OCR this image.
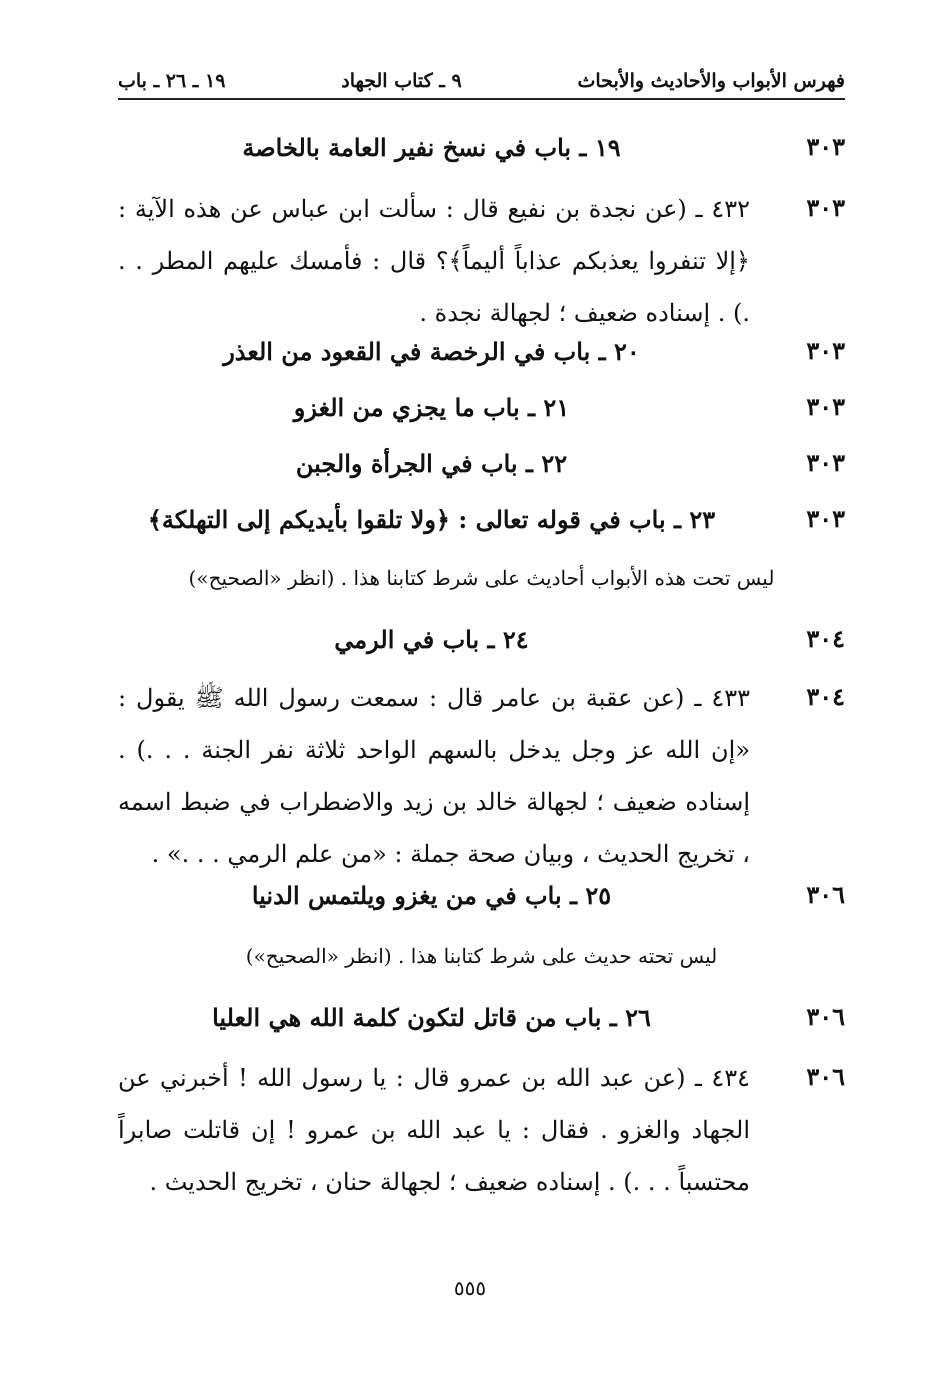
فهرس الأبواب والأحاديث والأبحاث
٩ ـ كتاب الجهاد
١٩ ـ ٢٦ ـ باب
٣٠٣
١٩ ـ باب في نسخ نفير العامة بالخاصة
٣٠٣
٤٣٢ ـ (عن نجدة بن نفيع قال : سألت ابن عباس عن هذه الآية : ﴿إلا تنفروا يعذبكم عذاباً أليماً﴾؟ قال : فأمسك عليهم المطر . . .) . إسناده ضعيف ؛ لجهالة نجدة .
٣٠٣
٢٠ ـ باب في الرخصة في القعود من العذر
٣٠٣
٢١ ـ باب ما يجزي من الغزو
٣٠٣
٢٢ ـ باب في الجرأة والجبن
٣٠٣
٢٣ ـ باب في قوله تعالى : ﴿ولا تلقوا بأيديكم إلى التهلكة﴾
ليس تحت هذه الأبواب أحاديث على شرط كتابنا هذا . (انظر «الصحيح»)
٣٠٤
٢٤ ـ باب في الرمي
٣٠٤
٤٣٣ ـ (عن عقبة بن عامر قال : سمعت رسول الله ﷺ يقول : «إن الله عز وجل يدخل بالسهم الواحد ثلاثة نفر الجنة . . .) . إسناده ضعيف ؛ لجهالة خالد بن زيد والاضطراب في ضبط اسمه ، تخريج الحديث ، وبيان صحة جملة : «من علم الرمي . . .» .
٣٠٦
٢٥ ـ باب في من يغزو ويلتمس الدنيا
ليس تحته حديث على شرط كتابنا هذا . (انظر «الصحيح»)
٣٠٦
٢٦ ـ باب من قاتل لتكون كلمة الله هي العليا
٣٠٦
٤٣٤ ـ (عن عبد الله بن عمرو قال : يا رسول الله ! أخبرني عن الجهاد والغزو . فقال : يا عبد الله بن عمرو ! إن قاتلت صابراً محتسباً . . .) . إسناده ضعيف ؛ لجهالة حنان ، تخريج الحديث .
٥٥٥
